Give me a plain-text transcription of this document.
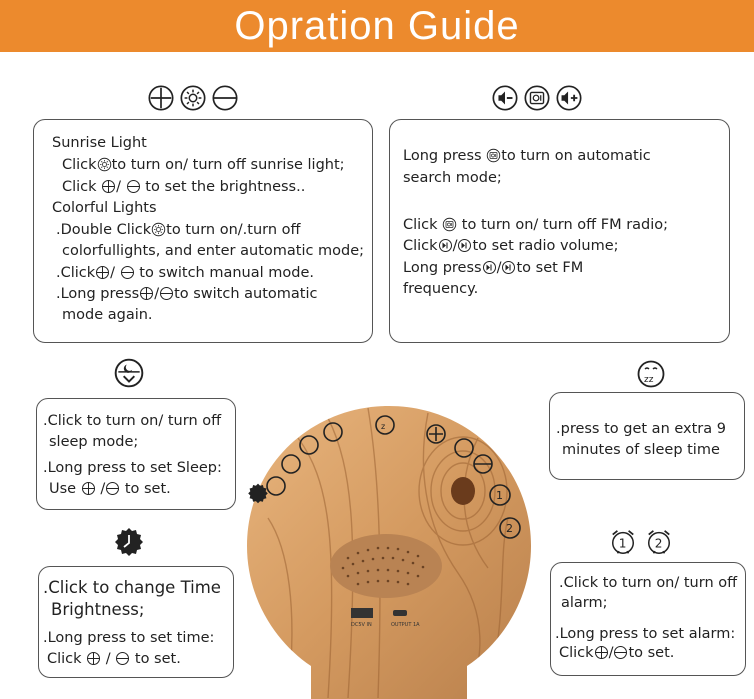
Opration Guide
Sunrise Light
Click to turn on/ turn off sunrise light;
Click / to set the brightness..
Colorful Lights
.Double Click to turn on/.turn off
colorfullights, and enter automatic mode;
.Click / to switch manual mode.
.Long press / to switch automatic
mode again.
Long press to turn on automatic
search mode;
Click to turn on/ turn off FM radio;
Click / to set radio volume;
Long press / to set FM
frequency.
.Click to turn on/ turn off
sleep mode;
.Long press to set Sleep:
Use / to set.
.press to get an extra 9
minutes of sleep time
.Click to change Time
Brightness;
.Long press to set time:
Click / to set.
.Click to turn on/ turn off
alarm;
.Long press to set alarm:
Click / to set.
DC5V IN	OUTPUT 1A
z
1
2
